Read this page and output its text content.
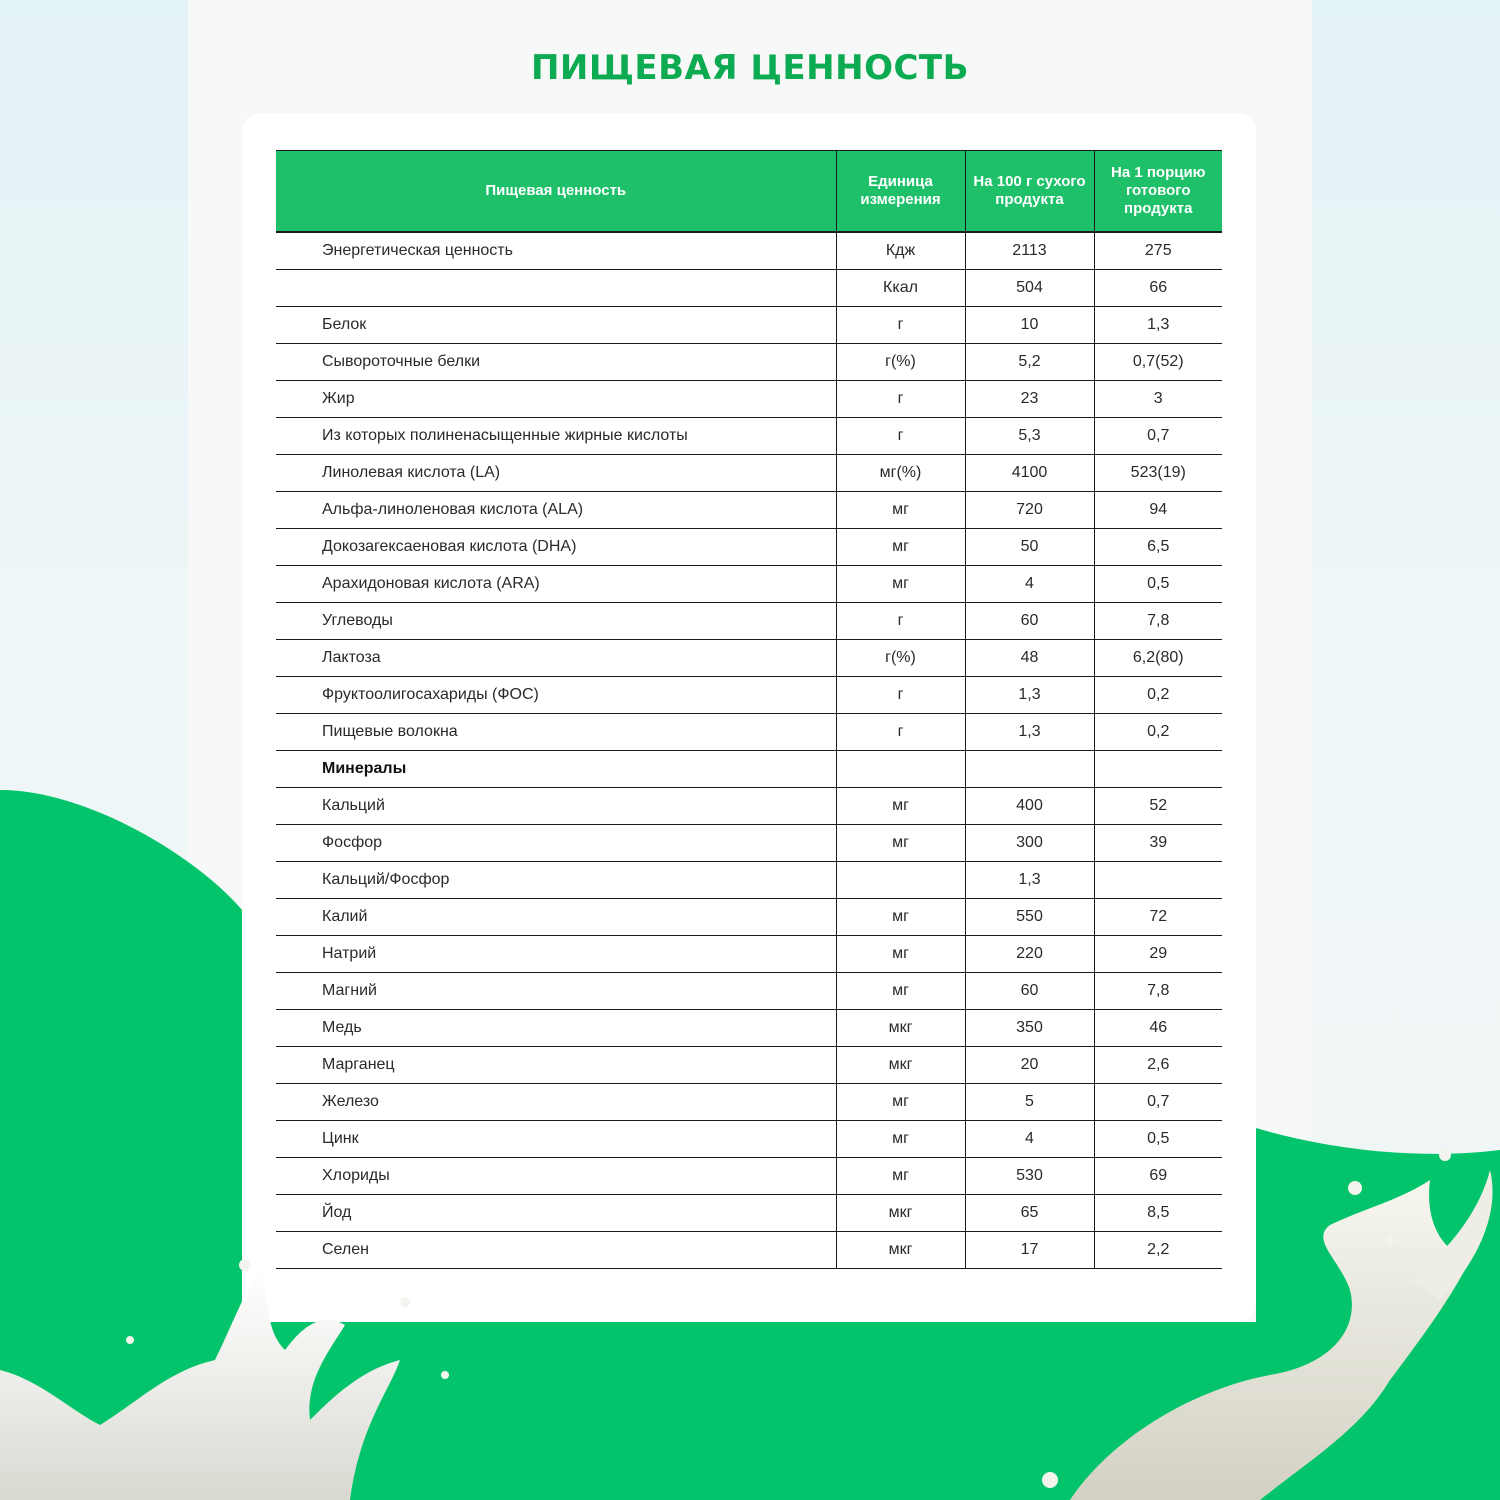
ПИЩЕВАЯ ЦЕННОСТЬ
Пищевая ценность	Единица измерения	На 100 г сухого продукта	На 1 порцию готового продукта
Энергетическая ценность	Кдж	2113	275
	Ккал	504	66
Белок	г	10	1,3
Сывороточные белки	г(%)	5,2	0,7(52)
Жир	г	23	3
Из которых полиненасыщенные жирные кислоты	г	5,3	0,7
Линолевая кислота (LA)	мг(%)	4100	523(19)
Альфа-линоленовая кислота (ALA)	мг	720	94
Докозагексаеновая кислота (DHA)	мг	50	6,5
Арахидоновая кислота (ARA)	мг	4	0,5
Углеводы	г	60	7,8
Лактоза	г(%)	48	6,2(80)
Фруктоолигосахариды (ФОС)	г	1,3	0,2
Пищевые волокна	г	1,3	0,2
Минералы			
Кальций	мг	400	52
Фосфор	мг	300	39
Кальций/Фосфор		1,3	
Калий	мг	550	72
Натрий	мг	220	29
Магний	мг	60	7,8
Медь	мкг	350	46
Марганец	мкг	20	2,6
Железо	мг	5	0,7
Цинк	мг	4	0,5
Хлориды	мг	530	69
Йод	мкг	65	8,5
Селен	мкг	17	2,2
